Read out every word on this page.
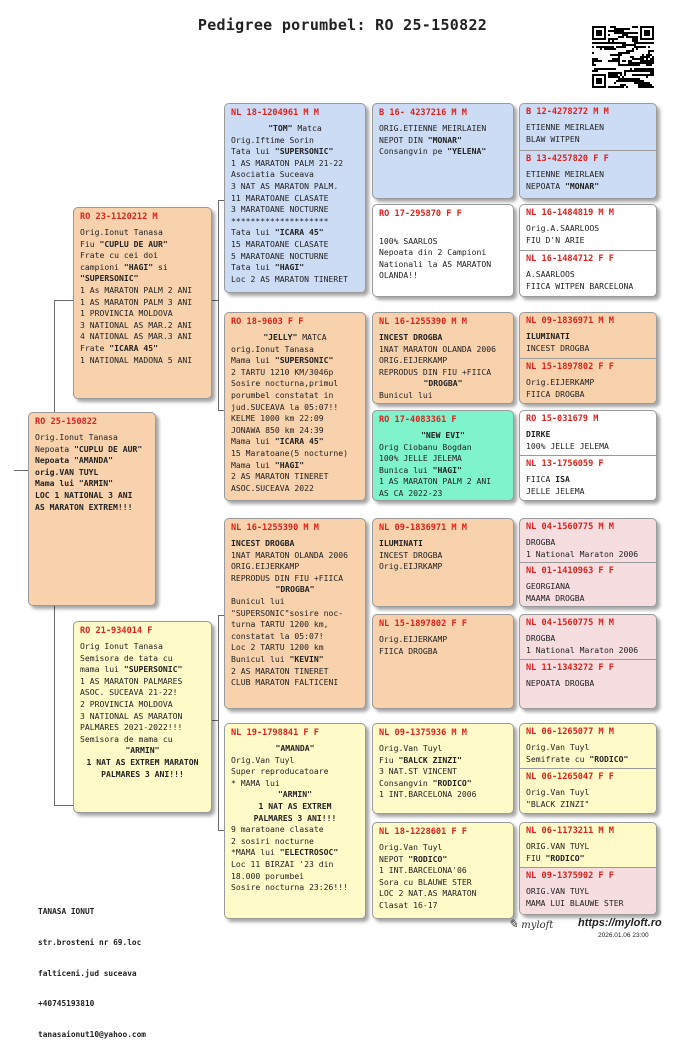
Pedigree porumbel: RO 25-150822
RO 25-150822
Orig.Ionut Tanasa
Nepoata "CUPLU DE AUR"
Nepoata "AMANDA"
orig.VAN TUYL
Mama lui "ARMIN"
LOC 1 NATIONAL 3 ANI
AS MARATON EXTREM!!!
RO 23-1120212 M
Orig.Ionut Tanasa
Fiu "CUPLU DE AUR"
Frate cu cei doi
campioni "HAGI" si
"SUPERSONIC"
1 As MARATON PALM 2 ANI
1 AS MARATON PALM 3 ANI
1 PROVINCIA MOLDOVA
3 NATIONAL AS MAR.2 ANI
4 NATIONAL AS MAR.3 ANI
Frate "ICARA 45"
1 NATIONAL MADONA 5 ANI
RO 21-934014 F
Orig Ionut Tanasa
Semisora de tata cu
mama lui "SUPERSONIC"
1 AS MARATON PALMARES
ASOC. SUCEAVA 21-22!
2 PROVINCIA MOLDOVA
3 NATIONAL AS MARATON
PALMARES 2021-2022!!!
Semisora de mama cu
"ARMIN"
1 NAT AS EXTREM MARATON
PALMARES 3 ANI!!!
NL 18-1204961 M M
"TOM" Matca
Orig.Iftime Sorin
Tata lui "SUPERSONIC"
1 AS MARATON PALM 21-22
Asociatia Suceava
3 NAT AS MARATON PALM.
11 MARATOANE CLASATE
3 MARATOANE NOCTURNE
********************
Tata lui "ICARA 45"
15 MARATOANE CLASATE
5 MARATOANE NOCTURNE
Tata lui "HAGI"
Loc 2 AS MARATON TINERET
RO 18-9603 F F
"JELLY" MATCA
orig.Ionut Tanasa
Mama lui "SUPERSONIC"
2 TARTU 1210 KM/3046p
Sosire nocturna,primul
porumbel constatat in
jud.SUCEAVA la 05:07!!
KELME 1000 km 22:09
JONAWA 850 km 24:39
Mama lui "ICARA 45"
15 Maratoane(5 nocturne)
Mama lui "HAGI"
2 AS MARATON TINERET
ASOC.SUCEAVA 2022
NL 16-1255390 M M
INCEST DROGBA
1NAT MARATON OLANDA 2006
ORIG.EIJERKAMP
REPRODUS DIN FIU +FIICA
"DROGBA"
Bunicul lui
"SUPERSONIC"sosire noc-
turna TARTU 1200 km,
constatat la 05:07!
Loc 2 TARTU 1200 km
Bunicul lui "KEVIN"
2 AS MARATON TINERET
CLUB MARATON FALTICENI
NL 19-1798841 F F
"AMANDA"
Orig.Van Tuyl
Super reproducatoare
* MAMA lui
"ARMIN"
1 NAT AS EXTREM
PALMARES 3 ANI!!!
9 maratoane clasate
2 sosiri nocturne
*MAMA lui "ELECTROSOC"
Loc 11 BIRZAI '23 din
18.000 porumbei
Sosire nocturna 23:26!!!
B 16- 4237216 M M
ORIG.ETIENNE MEIRLAIEN
NEPOT DIN "MONAR"
Consangvin pe "YELENA"
RO 17-295870 F F

100% SAARLOS
Nepoata din 2 Campioni
Nationali la AS MARATON
OLANDA!!
NL 16-1255390 M M
INCEST DROGBA
1NAT MARATON OLANDA 2006
ORIG.EIJERKAMP
REPRODUS DIN FIU +FIICA
"DROGBA"
Bunicul lui
RO 17-4083361 F
"NEW EVI"
Orig Ciobanu Bogdan
100% JELLE JELEMA
Bunica lui "HAGI"
1 AS MARATON PALM 2 ANI
AS CA 2022-23
NL 09-1836971 M M
ILUMINATI
INCEST DROGBA
Orig.EIJRKAMP
NL 15-1897802 F F
Orig.EIJERKAMP
FIICA DROGBA
NL 09-1375936 M M
Orig.Van Tuyl
Fiu "BALCK ZINZI"
3 NAT.ST VINCENT
Consangvin "RODICO"
1 INT.BARCELONA 2006
NL 18-1228601 F F
Orig.Van Tuyl
NEPOT "RODICO"
1 INT.BARCELONA'06
Sora cu BLAUWE STER
LOC 2 NAT.AS MARATON
Clasat 16-17
B 12-4278272 M M
ETIENNE MEIRLAEN
BLAW WITPEN
B 13-4257820 F F
ETIENNE MEIRLAEN
NEPOATA "MONAR"
NL 16-1484819 M M
Orig.A.SAARLOOS
FIU D'N ARIE
NL 16-1484712 F F
A.SAARLOOS
FIICA WITPEN BARCELONA
NL 09-1836971 M M
ILUMINATI
INCEST DROGBA
NL 15-1897802 F F
Orig.EIJERKAMP
FIICA DROGBA
RO 15-031679 M
DIRKE
100% JELLE JELEMA
NL 13-1756059 F
FIICA ISA
JELLE JELEMA
NL 04-1560775 M M
DROGBA
1 National Maraton 2006
NL 01-1410963 F F
GEORGIANA
MAAMA DROGBA
NL 04-1560775 M M
DROGBA
1 National Maraton 2006
NL 11-1343272 F F
NEPOATA DROGBA
NL 06-1265077 M M
Orig.Van Tuyl
Semifrate cu "RODICO"
NL 06-1265047 F F
Orig.Van Tuyl
"BLACK ZINZI"
NL 06-1173211 M M
ORIG.VAN TUYL
FIU "RODICO"
NL 09-1375902 F F
ORIG.VAN TUYL
MAMA LUI BLAUWE STER

TANASA IONUT

str.brosteni nr 69.loc

falticeni.jud suceava

+40745193810

tanasaionut10@yahoo.com

✎ myloft https://myloft.ro
2026.01.06 23:00
